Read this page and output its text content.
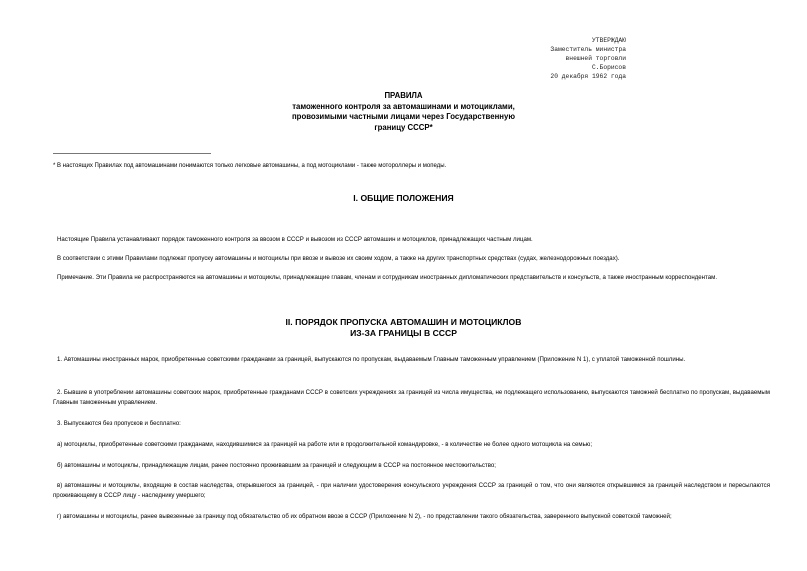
УТВЕРЖДАЮ
Заместитель министра
внешней торговли
С.Борисов
20 декабря 1962 года
ПРАВИЛА
таможенного контроля за автомашинами и мотоциклами,
провозимыми частными лицами через Государственную
границу СССР*
* В настоящих Правилах под автомашинами понимаются только легковые автомашины, а под мотоциклами - также мотороллеры и мопеды.
I. ОБЩИЕ ПОЛОЖЕНИЯ
Настоящие Правила устанавливают порядок таможенного контроля за ввозом в СССР и вывозом из СССР автомашин и мотоциклов, принадлежащих частным лицам.
В соответствии с этими Правилами подлежат пропуску автомашины и мотоциклы при ввозе и вывозе их своим ходом, а также на других транспортных средствах (судах, железнодорожных поездах).
Примечание. Эти Правила не распространяются на автомашины и мотоциклы, принадлежащие главам, членам и сотрудникам иностранных дипломатических представительств и консульств, а также иностранным корреспондентам.
II. ПОРЯДОК ПРОПУСКА АВТОМАШИН И МОТОЦИКЛОВ
ИЗ-ЗА ГРАНИЦЫ В СССР
1. Автомашины иностранных марок, приобретенные советскими гражданами за границей, выпускаются по пропускам, выдаваемым Главным таможенным управлением (Приложение N 1), с уплатой таможенной пошлины.
2. Бывшие в употреблении автомашины советских марок, приобретенные гражданами СССР в советских учреждениях за границей из числа имущества, не подлежащего использованию, выпускаются таможней бесплатно по пропускам, выдаваемым Главным таможенным управлением.
3. Выпускаются без пропусков и бесплатно:
а) мотоциклы, приобретенные советскими гражданами, находившимися за границей на работе или в продолжительной командировке, - в количестве не более одного мотоцикла на семью;
б) автомашины и мотоциклы, принадлежащие лицам, ранее постоянно проживавшим за границей и следующим в СССР на постоянное местожительство;
в) автомашины и мотоциклы, входящие в состав наследства, открывшегося за границей, - при наличии удостоверения консульского учреждения СССР за границей о том, что они являются открывшимся за границей наследством и пересылаются проживающему в СССР лицу - наследнику умершего;
г) автомашины и мотоциклы, ранее вывезенные за границу под обязательство об их обратном ввозе в СССР (Приложение N 2), - по представлении такого обязательства, заверенного выпускной советской таможней;
